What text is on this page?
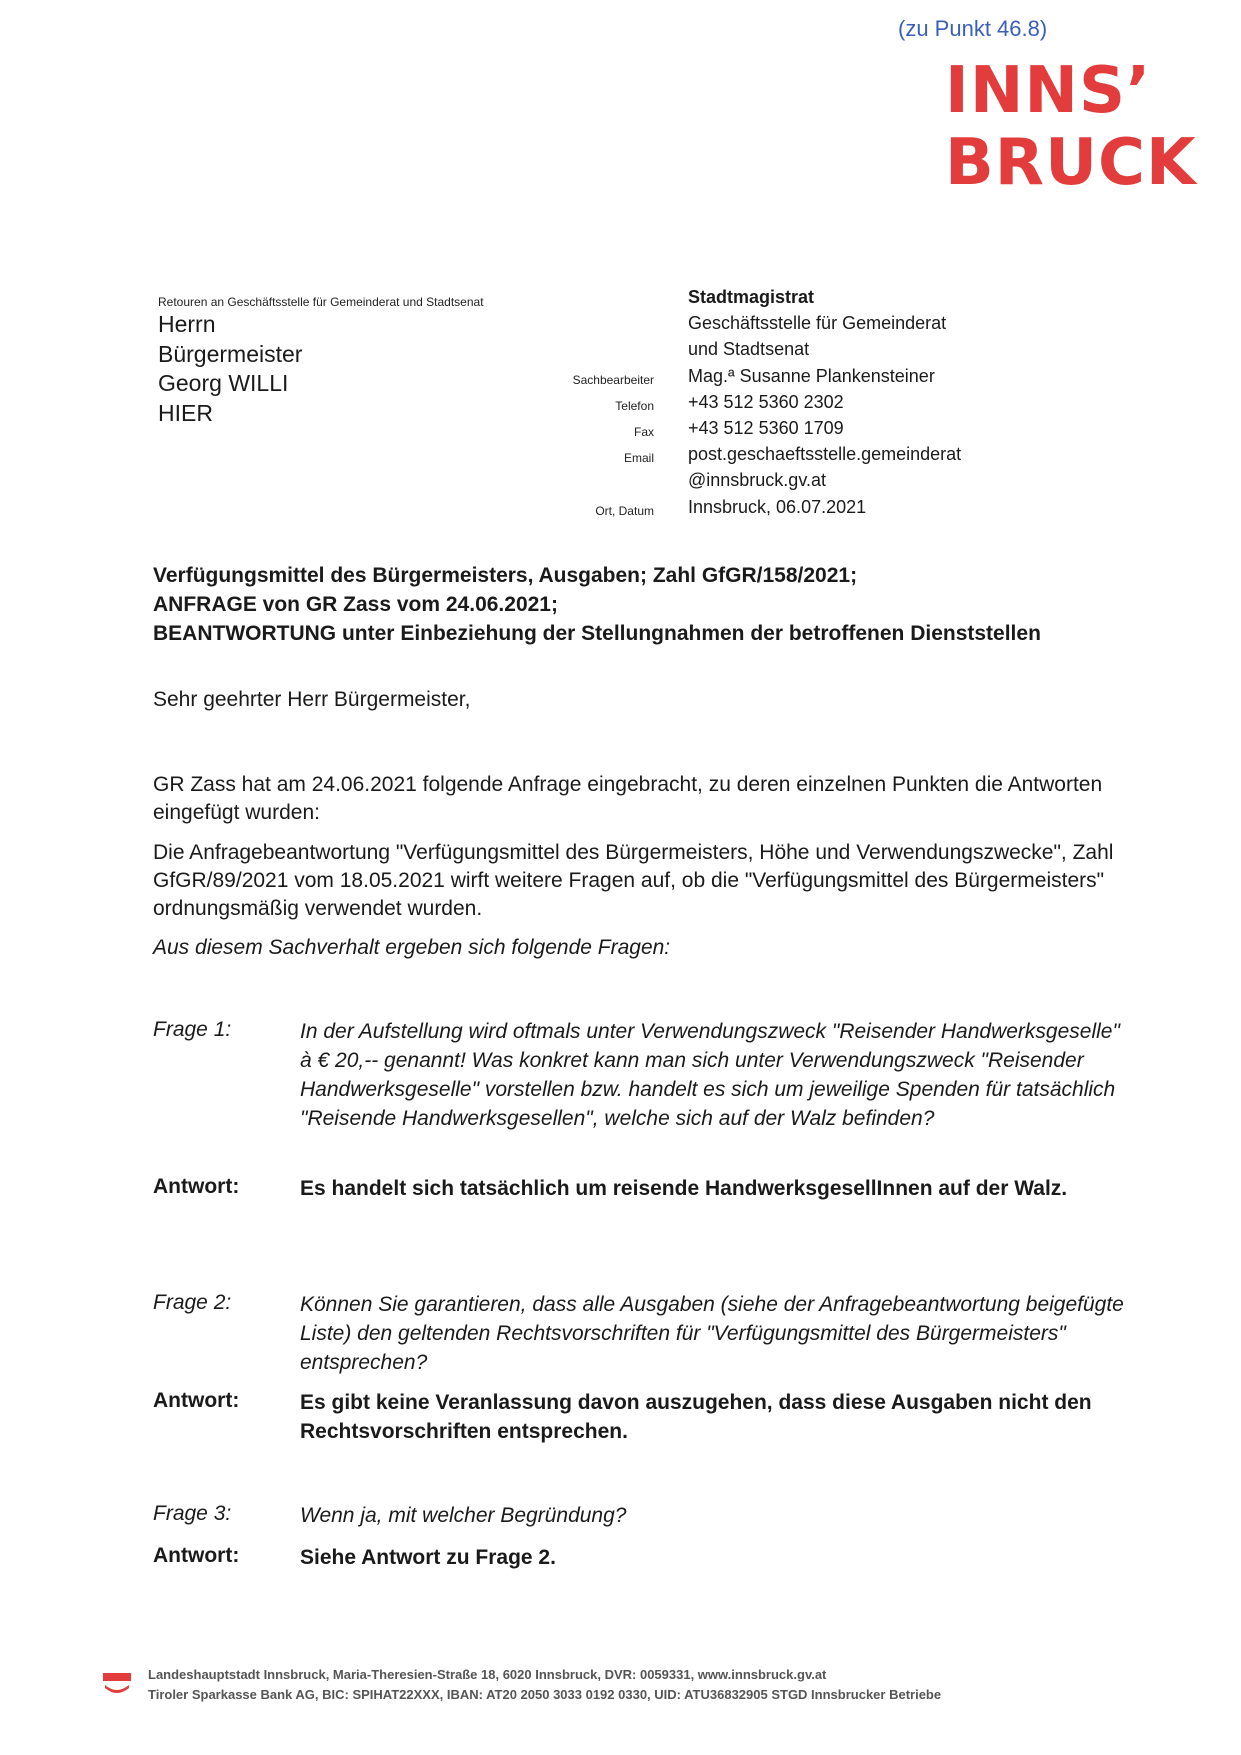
(zu Punkt 46.8)
INNS’
BRUCK
Retouren an Geschäftsstelle für Gemeinderat und Stadtsenat
Herrn
Bürgermeister
Georg WILLI
HIER
Stadtmagistrat
Geschäftsstelle für Gemeinderat
und Stadtsenat
Sachbearbeiter Mag.ª Susanne Plankensteiner
Telefon +43 512 5360 2302
Fax +43 512 5360 1709
Email post.geschaeftsstelle.gemeinderat
@innsbruck.gv.at
Ort, Datum Innsbruck, 06.07.2021
Verfügungsmittel des Bürgermeisters, Ausgaben; Zahl GfGR/158/2021;
ANFRAGE von GR Zass vom 24.06.2021;
BEANTWORTUNG unter Einbeziehung der Stellungnahmen der betroffenen Dienststellen
Sehr geehrter Herr Bürgermeister,
GR Zass hat am 24.06.2021 folgende Anfrage eingebracht, zu deren einzelnen Punkten die Antworten eingefügt wurden:
Die Anfragebeantwortung "Verfügungsmittel des Bürgermeisters, Höhe und Verwendungszwecke", Zahl GfGR/89/2021 vom 18.05.2021 wirft weitere Fragen auf, ob die "Verfügungsmittel des Bürgermeisters" ordnungsmäßig verwendet wurden.
Aus diesem Sachverhalt ergeben sich folgende Fragen:
Frage 1:	In der Aufstellung wird oftmals unter Verwendungszweck "Reisender Handwerksgeselle" à € 20,-- genannt! Was konkret kann man sich unter Verwendungszweck "Reisender Handwerksgeselle" vorstellen bzw. handelt es sich um jeweilige Spenden für tatsächlich "Reisende Handwerksgesellen", welche sich auf der Walz befinden?
Antwort:	Es handelt sich tatsächlich um reisende HandwerksgesellInnen auf der Walz.
Frage 2:	Können Sie garantieren, dass alle Ausgaben (siehe der Anfragebeantwortung beigefügte Liste) den geltenden Rechtsvorschriften für "Verfügungsmittel des Bürgermeisters" entsprechen?
Antwort:	Es gibt keine Veranlassung davon auszugehen, dass diese Ausgaben nicht den Rechtsvorschriften entsprechen.
Frage 3:	Wenn ja, mit welcher Begründung?
Antwort:	Siehe Antwort zu Frage 2.
Landeshauptstadt Innsbruck, Maria-Theresien-Straße 18, 6020 Innsbruck, DVR: 0059331, www.innsbruck.gv.at
Tiroler Sparkasse Bank AG, BIC: SPIHAT22XXX, IBAN: AT20 2050 3033 0192 0330, UID: ATU36832905 STGD Innsbrucker Betriebe
